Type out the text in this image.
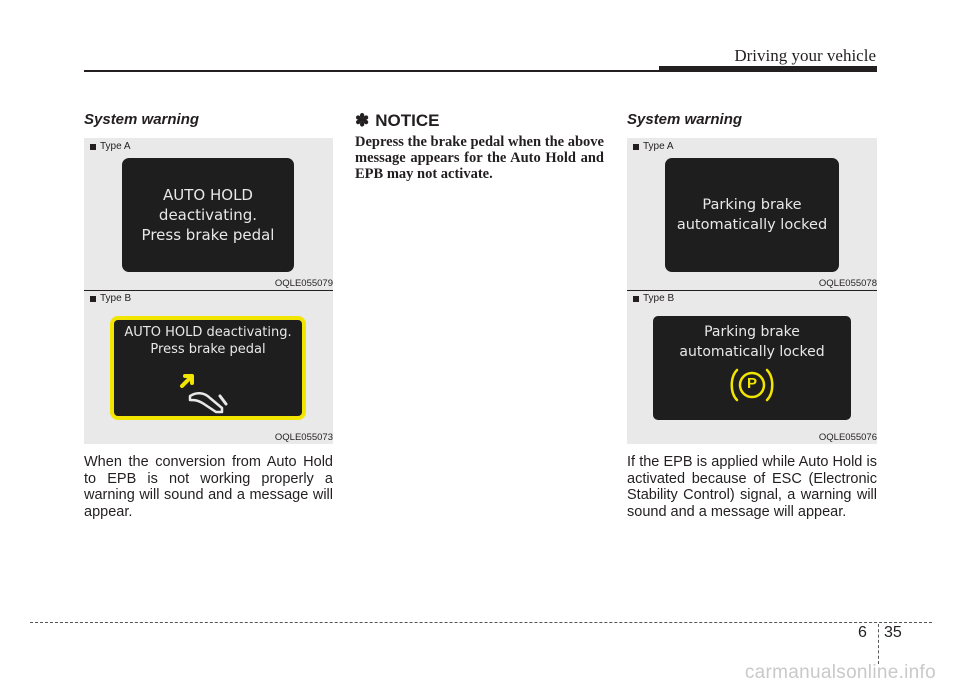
Driving your vehicle
System warning
Type A
AUTO HOLD
deactivating.
Press brake pedal
OQLE055079
Type B
AUTO HOLD deactivating.
Press brake pedal
OQLE055073
When the conversion from Auto Hold to EPB is not working properly a warning will sound and a message will appear.
✽ NOTICE
Depress the brake pedal when the above message appears for the Auto Hold and EPB may not activate.
System warning
Type A
Parking brake
automatically locked
OQLE055078
Type B
Parking brake
automatically locked
P
OQLE055076
If the EPB is applied while Auto Hold is activated because of ESC (Electronic Stability Control) signal, a warning will sound and a message will appear.
6 35
carmanualsonline.info
